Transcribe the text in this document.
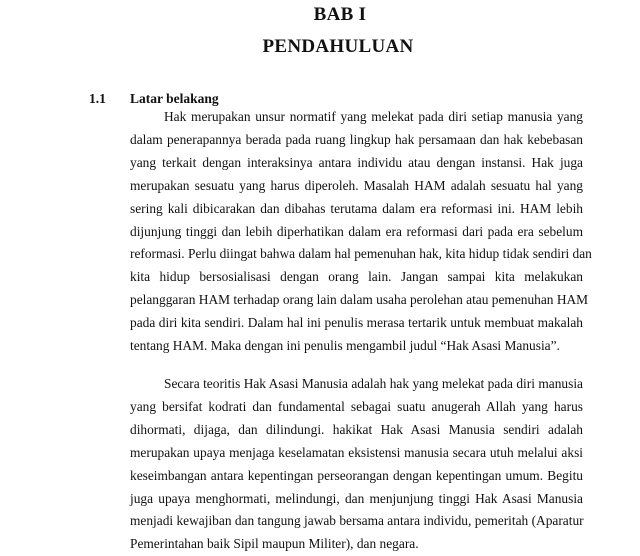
BAB I
PENDAHULUAN
1.1 Latar belakang
Hak merupakan unsur normatif yang melekat pada diri setiap manusia yang
dalam penerapannya berada pada ruang lingkup hak persamaan dan hak kebebasan
yang terkait dengan interaksinya antara individu atau dengan instansi. Hak juga
merupakan sesuatu yang harus diperoleh. Masalah HAM adalah sesuatu hal yang
sering kali dibicarakan dan dibahas terutama dalam era reformasi ini. HAM lebih
dijunjung tinggi dan lebih diperhatikan dalam era reformasi dari pada era sebelum
reformasi. Perlu diingat bahwa dalam hal pemenuhan hak, kita hidup tidak sendiri dan
kita hidup bersosialisasi dengan orang lain. Jangan sampai kita melakukan
pelanggaran HAM terhadap orang lain dalam usaha perolehan atau pemenuhan HAM
pada diri kita sendiri. Dalam hal ini penulis merasa tertarik untuk membuat makalah
tentang HAM. Maka dengan ini penulis mengambil judul “Hak Asasi Manusia”.
Secara teoritis Hak Asasi Manusia adalah hak yang melekat pada diri manusia
yang bersifat kodrati dan fundamental sebagai suatu anugerah Allah yang harus
dihormati, dijaga, dan dilindungi. hakikat Hak Asasi Manusia sendiri adalah
merupakan upaya menjaga keselamatan eksistensi manusia secara utuh melalui aksi
keseimbangan antara kepentingan perseorangan dengan kepentingan umum. Begitu
juga upaya menghormati, melindungi, dan menjunjung tinggi Hak Asasi Manusia
menjadi kewajiban dan tangung jawab bersama antara individu, pemeritah (Aparatur
Pemerintahan baik Sipil maupun Militer), dan negara.
